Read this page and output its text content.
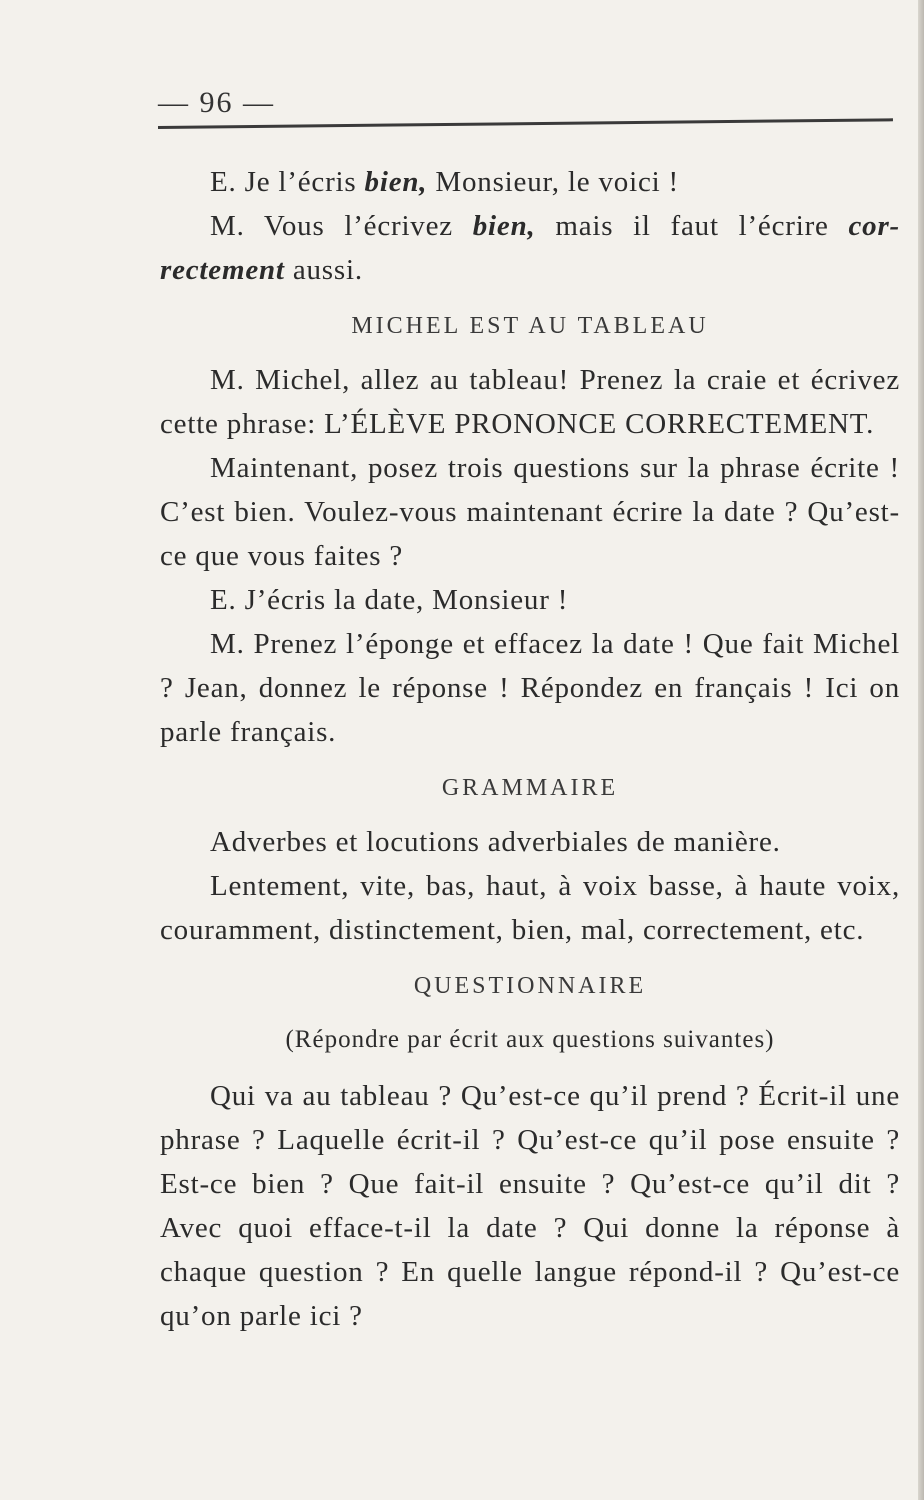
— 96 —

E. Je l’écris bien, Monsieur, le voici !

M. Vous l’écrivez bien, mais il faut l’écrire cor- rectement aussi.

MICHEL EST AU TABLEAU

M. Michel, allez au tableau! Prenez la craie et écrivez cette phrase: L’ÉLÈVE PRONONCE CORRECTEMENT.

Maintenant, posez trois questions sur la phrase écrite ! C’est bien. Voulez-vous maintenant écrire la date ? Qu’est-ce que vous faites ?

E. J’écris la date, Monsieur !

M. Prenez l’éponge et effacez la date ! Que fait Michel ? Jean, donnez le réponse ! Répondez en français ! Ici on parle français.

GRAMMAIRE

Adverbes et locutions adverbiales de manière.

Lentement, vite, bas, haut, à voix basse, à haute voix, couramment, distinctement, bien, mal, correctement, etc.

QUESTIONNAIRE
(Répondre par écrit aux questions suivantes)

Qui va au tableau ? Qu’est-ce qu’il prend ? Écrit-il une phrase ? Laquelle écrit-il ? Qu’est-ce qu’il pose ensuite ? Est-ce bien ? Que fait-il ensuite ? Qu’est-ce qu’il dit ? Avec quoi efface-t-il la date ? Qui donne la réponse à chaque question ? En quelle langue répond-il ? Qu’est-ce qu’on parle ici ?
